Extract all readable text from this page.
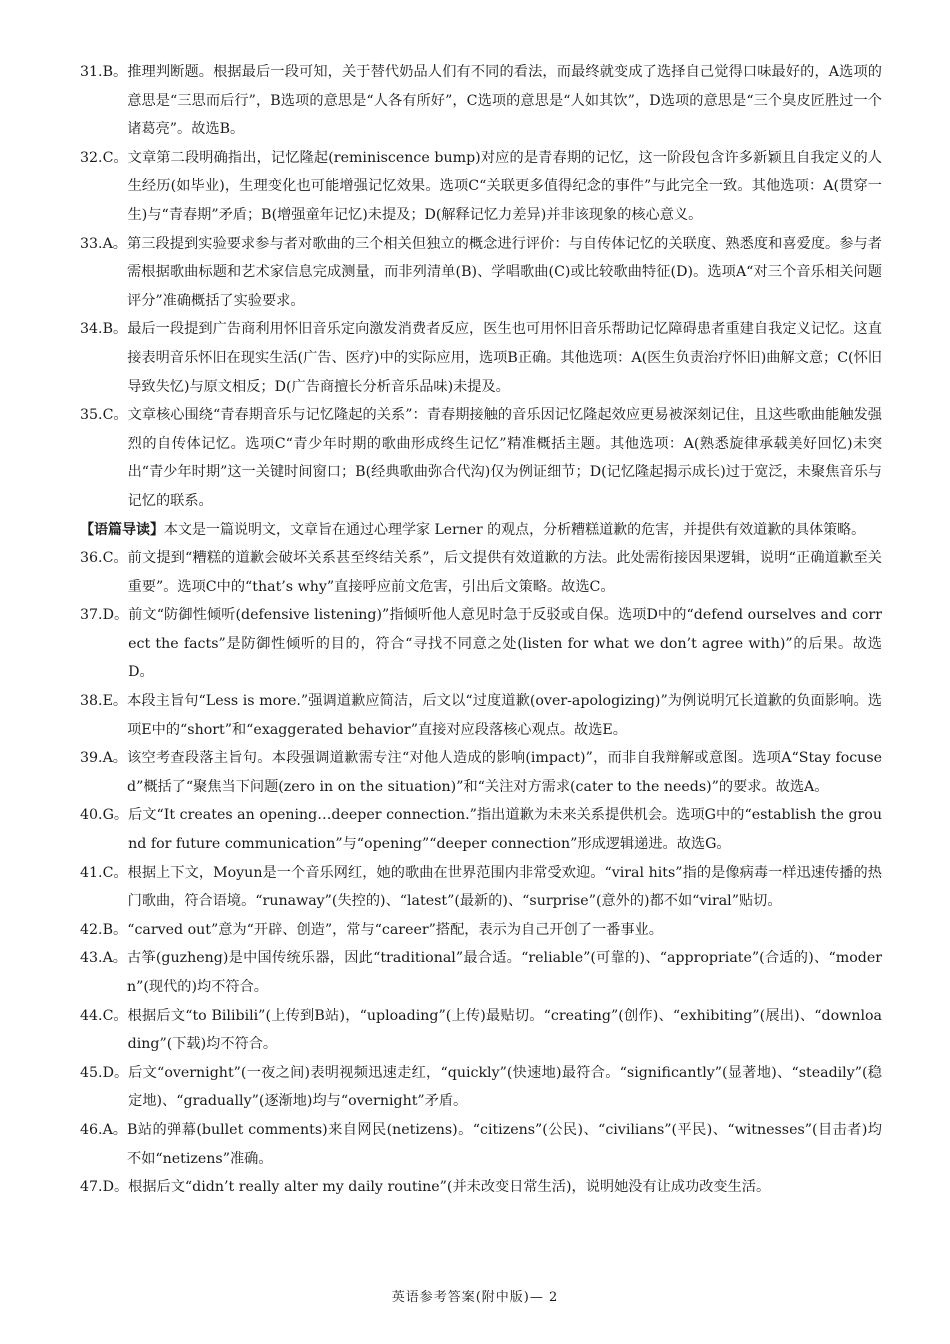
31.B。 推理判断题。根据最后一段可知，关于替代奶品人们有不同的看法，而最终就变成了选择自己觉得口味最好的，A选项的意思是“三思而后行”，B选项的意思是“人各有所好”，C选项的意思是“人如其饮”，D选项的意思是“三个臭皮匠胜过一个诸葛亮”。故选B。
32.C。 文章第二段明确指出，记忆隆起(reminiscence bump)对应的是青春期的记忆，这一阶段包含许多新颖且自我定义的人生经历(如毕业)，生理变化也可能增强记忆效果。选项C“关联更多值得纪念的事件”与此完全一致。其他选项：A(贯穿一生)与“青春期”矛盾；B(增强童年记忆)未提及；D(解释记忆力差异)并非该现象的核心意义。
33.A。 第三段提到实验要求参与者对歌曲的三个相关但独立的概念进行评价：与自传体记忆的关联度、熟悉度和喜爱度。参与者需根据歌曲标题和艺术家信息完成测量，而非列清单(B)、学唱歌曲(C)或比较歌曲特征(D)。选项A“对三个音乐相关问题评分”准确概括了实验要求。
34.B。 最后一段提到广告商利用怀旧音乐定向激发消费者反应，医生也可用怀旧音乐帮助记忆障碍患者重建自我定义记忆。这直接表明音乐怀旧在现实生活(广告、医疗)中的实际应用，选项B正确。其他选项：A(医生负责治疗怀旧)曲解文意；C(怀旧导致失忆)与原文相反；D(广告商擅长分析音乐品味)未提及。
35.C。 文章核心围绕“青春期音乐与记忆隆起的关系”：青春期接触的音乐因记忆隆起效应更易被深刻记住，且这些歌曲能触发强烈的自传体记忆。选项C“青少年时期的歌曲形成终生记忆”精准概括主题。其他选项：A(熟悉旋律承载美好回忆)未突出“青少年时期”这一关键时间窗口；B(经典歌曲弥合代沟)仅为例证细节；D(记忆隆起揭示成长)过于宽泛，未聚焦音乐与记忆的联系。

【语篇导读】本文是一篇说明文，文章旨在通过心理学家 Lerner 的观点，分析糟糕道歉的危害，并提供有效道歉的具体策略。

36.C。 前文提到“糟糕的道歉会破坏关系甚至终结关系”，后文提供有效道歉的方法。此处需衔接因果逻辑，说明“正确道歉至关重要”。选项C中的“that’s why”直接呼应前文危害，引出后文策略。故选C。
37.D。 前文“防御性倾听(defensive listening)”指倾听他人意见时急于反驳或自保。选项D中的“defend ourselves and correct the facts”是防御性倾听的目的，符合“寻找不同意之处(listen for what we don’t agree with)”的后果。故选D。
38.E。 本段主旨句“Less is more.”强调道歉应简洁，后文以“过度道歉(over-apologizing)”为例说明冗长道歉的负面影响。选项E中的“short”和“exaggerated behavior”直接对应段落核心观点。故选E。
39.A。 该空考查段落主旨句。本段强调道歉需专注“对他人造成的影响(impact)”，而非自我辩解或意图。选项A“Stay focused”概括了“聚焦当下问题(zero in on the situation)”和“关注对方需求(cater to the needs)”的要求。故选A。
40.G。 后文“It creates an opening…deeper connection.”指出道歉为未来关系提供机会。选项G中的“establish the ground for future communication”与“opening”“deeper connection”形成逻辑递进。故选G。
41.C。 根据上下文，Moyun是一个音乐网红，她的歌曲在世界范围内非常受欢迎。“viral hits”指的是像病毒一样迅速传播的热门歌曲，符合语境。“runaway”(失控的)、“latest”(最新的)、“surprise”(意外的)都不如“viral”贴切。
42.B。 “carved out”意为“开辟、创造”，常与“career”搭配，表示为自己开创了一番事业。
43.A。 古筝(guzheng)是中国传统乐器，因此“traditional”最合适。“reliable”(可靠的)、“appropriate”(合适的)、“modern”(现代的)均不符合。
44.C。 根据后文“to Bilibili”(上传到B站)，“uploading”(上传)最贴切。“creating”(创作)、“exhibiting”(展出)、“downloading”(下载)均不符合。
45.D。 后文“overnight”(一夜之间)表明视频迅速走红，“quickly”(快速地)最符合。“significantly”(显著地)、“steadily”(稳定地)、“gradually”(逐渐地)均与“overnight”矛盾。
46.A。 B站的弹幕(bullet comments)来自网民(netizens)。“citizens”(公民)、“civilians”(平民)、“witnesses”(目击者)均不如“netizens”准确。
47.D。 根据后文“didn’t really alter my daily routine”(并未改变日常生活)，说明她没有让成功改变生活。
英语参考答案(附中版)— 2
